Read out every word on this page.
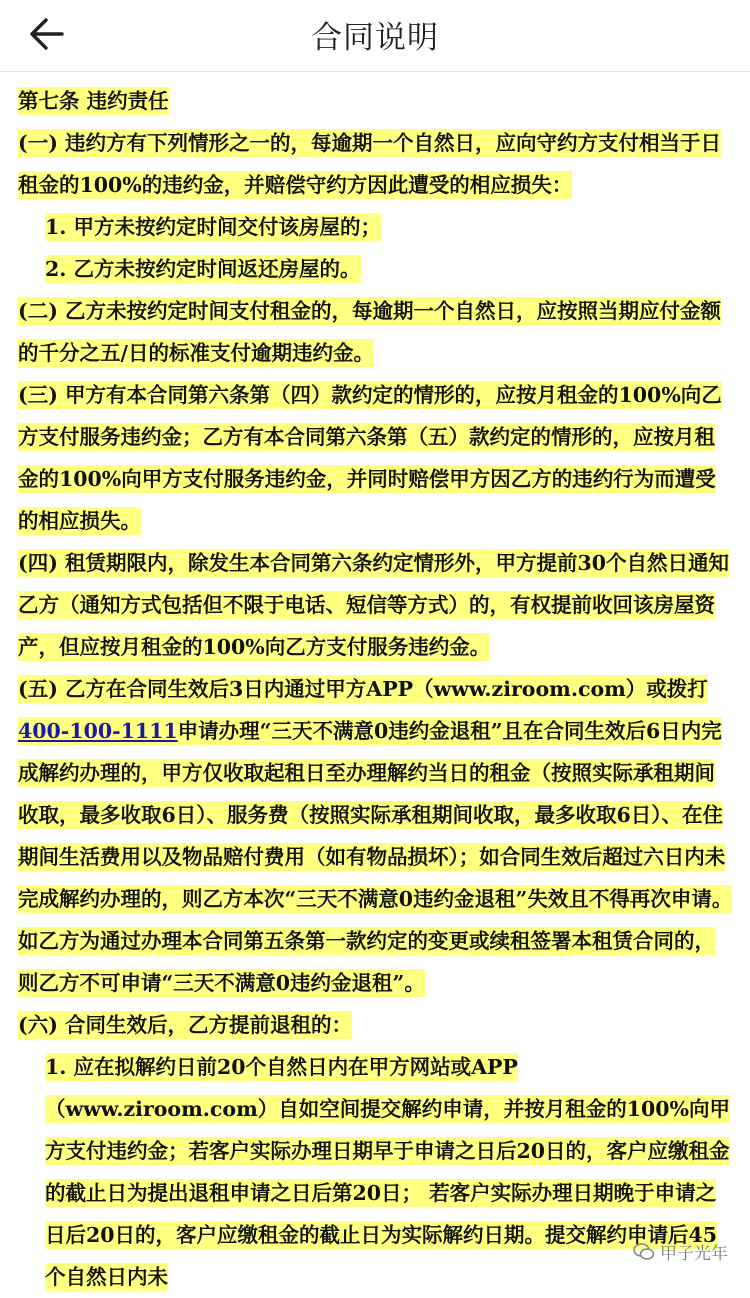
合同说明

第七条 违约责任

(一) 违约方有下列情形之一的，每逾期一个自然日，应向守约方支付相当于日租金的100%的违约金，并赔偿守约方因此遭受的相应损失：

1. 甲方未按约定时间交付该房屋的；

2. 乙方未按约定时间返还房屋的。

(二) 乙方未按约定时间支付租金的，每逾期一个自然日，应按照当期应付金额的千分之五/日的标准支付逾期违约金。

(三) 甲方有本合同第六条第（四）款约定的情形的，应按月租金的100%向乙方支付服务违约金；乙方有本合同第六条第（五）款约定的情形的，应按月租金的100%向甲方支付服务违约金，并同时赔偿甲方因乙方的违约行为而遭受的相应损失。

(四) 租赁期限内，除发生本合同第六条约定情形外，甲方提前30个自然日通知乙方（通知方式包括但不限于电话、短信等方式）的，有权提前收回该房屋资产，但应按月租金的100%向乙方支付服务违约金。

(五) 乙方在合同生效后3日内通过甲方APP（www.ziroom.com）或拨打400-100-1111申请办理“三天不满意0违约金退租”且在合同生效后6日内完成解约办理的，甲方仅收取起租日至办理解约当日的租金（按照实际承租期间收取，最多收取6日）、服务费（按照实际承租期间收取，最多收取6日）、在住期间生活费用以及物品赔付费用（如有物品损坏）；如合同生效后超过六日内未完成解约办理的，则乙方本次“三天不满意0违约金退租”失效且不得再次申请。如乙方为通过办理本合同第五条第一款约定的变更或续租签署本租赁合同的，则乙方不可申请“三天不满意0违约金退租”。

(六) 合同生效后，乙方提前退租的：

1. 应在拟解约日前20个自然日内在甲方网站或APP（www.ziroom.com）自如空间提交解约申请，并按月租金的100%向甲方支付违约金；若客户实际办理日期早于申请之日后20日的，客户应缴租金的截止日为提出退租申请之日后第20日； 若客户实际办理日期晚于申请之日后20日的，客户应缴租金的截止日为实际解约日期。提交解约申请后45个自然日内未

甲子光年
